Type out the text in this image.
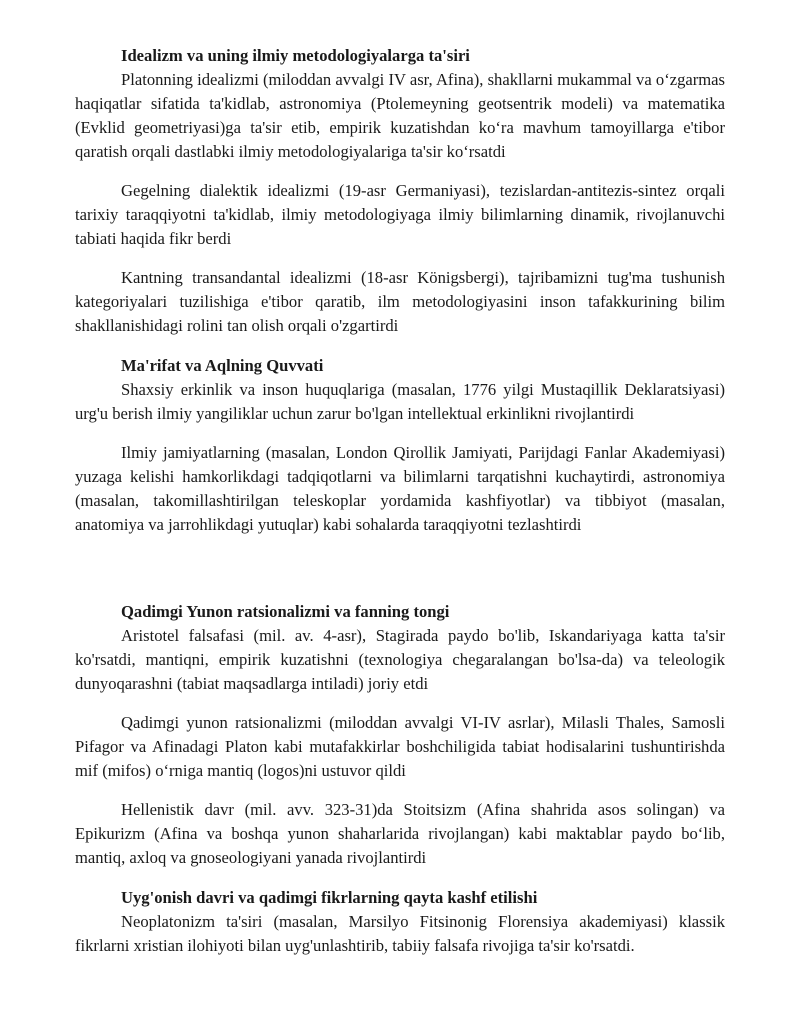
Idealizm va uning ilmiy metodologiyalarga ta'siri

Platonning idealizmi (miloddan avvalgi IV asr, Afina), shakllarni mukammal va o‘zgarmas haqiqatlar sifatida ta'kidlab, astronomiya (Ptolemeyning geotsentrik modeli) va matematika (Evklid geometriyasi)ga ta'sir etib, empirik kuzatishdan ko‘ra mavhum tamoyillarga e'tibor qaratish orqali dastlabki ilmiy metodologiyalariga ta'sir ko‘rsatdi

Gegelning dialektik idealizmi (19-asr Germaniyasi), tezislardan-antitezis-sintez orqali tarixiy taraqqiyotni ta'kidlab, ilmiy metodologiyaga ilmiy bilimlarning dinamik, rivojlanuvchi tabiati haqida fikr berdi

Kantning transandantal idealizmi (18-asr Königsbergi), tajribamizni tug'ma tushunish kategoriyalari tuzilishiga e'tibor qaratib, ilm metodologiyasini inson tafakkurining bilim shakllanishidagi rolini tan olish orqali o'zgartirdi

Ma'rifat va Aqlning Quvvati

Shaxsiy erkinlik va inson huquqlariga (masalan, 1776 yilgi Mustaqillik Deklaratsiyasi) urg'u berish ilmiy yangiliklar uchun zarur bo'lgan intellektual erkinlikni rivojlantirdi

Ilmiy jamiyatlarning (masalan, London Qirollik Jamiyati, Parijdagi Fanlar Akademiyasi) yuzaga kelishi hamkorlikdagi tadqiqotlarni va bilimlarni tarqatishni kuchaytirdi, astronomiya (masalan, takomillashtirilgan teleskoplar yordamida kashfiyotlar) va tibbiyot (masalan, anatomiya va jarrohlikdagi yutuqlar) kabi sohalarda taraqqiyotni tezlashtirdi

Qadimgi Yunon ratsionalizmi va fanning tongi

Aristotel falsafasi (mil. av. 4-asr), Stagirada paydo bo'lib, Iskandariyaga katta ta'sir ko'rsatdi, mantiqni, empirik kuzatishni (texnologiya chegaralangan bo'lsa-da) va teleologik dunyoqarashni (tabiat maqsadlarga intiladi) joriy etdi

Qadimgi yunon ratsionalizmi (miloddan avvalgi VI-IV asrlar), Milasli Thales, Samosli Pifagor va Afinadagi Platon kabi mutafakkirlar boshchiligida tabiat hodisalarini tushuntirishda mif (mifos) o‘rniga mantiq (logos)ni ustuvor qildi

Hellenistik davr (mil. avv. 323-31)da Stoitsizm (Afina shahrida asos solingan) va Epikurizm (Afina va boshqa yunon shaharlarida rivojlangan) kabi maktablar paydo bo‘lib, mantiq, axloq va gnoseologiyani yanada rivojlantirdi

Uyg'onish davri va qadimgi fikrlarning qayta kashf etilishi

Neoplatonizm ta'siri (masalan, Marsilyo Fitsinonig Florensiya akademiyasi) klassik fikrlarni xristian ilohiyoti bilan uyg'unlashtirib, tabiiy falsafa rivojiga ta'sir ko'rsatdi.
